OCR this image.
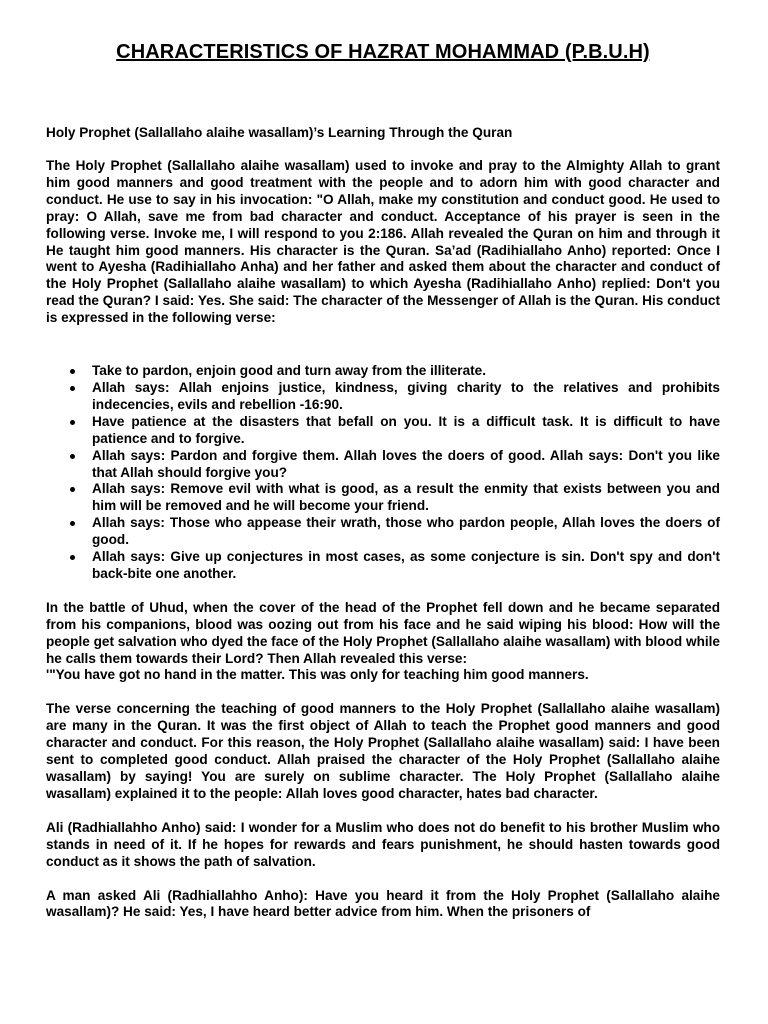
CHARACTERISTICS OF HAZRAT MOHAMMAD (P.B.U.H)

Holy Prophet (Sallallaho alaihe wasallam)’s Learning Through the Quran

The Holy Prophet (Sallallaho alaihe wasallam) used to invoke and pray to the Almighty Allah to grant him good manners and good treatment with the people and to adorn him with good character and conduct. He use to say in his invocation: "O Allah, make my constitution and conduct good. He used to pray: O Allah, save me from bad character and conduct. Acceptance of his prayer is seen in the following verse. Invoke me, I will respond to you 2:186. Allah revealed the Quran on him and through it He taught him good manners. His character is the Quran. Sa’ad (Radihiallaho Anho) reported: Once I went to Ayesha (Radihiallaho Anha) and her father and asked them about the character and conduct of the Holy Prophet (Sallallaho alaihe wasallam) to which Ayesha (Radihiallaho Anho) replied: Don't you read the Quran? I said: Yes. She said: The character of the Messenger of Allah is the Quran. His conduct is expressed in the following verse:

Take to pardon, enjoin good and turn away from the illiterate.
Allah says: Allah enjoins justice, kindness, giving charity to the relatives and prohibits indecencies, evils and rebellion -16:90.
Have patience at the disasters that befall on you. It is a difficult task. It is difficult to have patience and to forgive.
Allah says: Pardon and forgive them. Allah loves the doers of good. Allah says: Don't you like that Allah should forgive you?
Allah says: Remove evil with what is good, as a result the enmity that exists between you and him will be removed and he will become your friend.
Allah says: Those who appease their wrath, those who pardon people, Allah loves the doers of good.
Allah says: Give up conjectures in most cases, as some conjecture is sin. Don't spy and don't back-bite one another.

In the battle of Uhud, when the cover of the head of the Prophet fell down and he became separated from his companions, blood was oozing out from his face and he said wiping his blood: How will the people get salvation who dyed the face of the Holy Prophet (Sallallaho alaihe wasallam) with blood while he calls them towards their Lord? Then Allah revealed this verse:

'"You have got no hand in the matter. This was only for teaching him good manners.

The verse concerning the teaching of good manners to the Holy Prophet (Sallallaho alaihe wasallam) are many in the Quran. It was the first object of Allah to teach the Prophet good manners and good character and conduct. For this reason, the Holy Prophet (Sallallaho alaihe wasallam) said: I have been sent to completed good conduct. Allah praised the character of the Holy Prophet (Sallallaho alaihe wasallam) by saying! You are surely on sublime character. The Holy Prophet (Sallallaho alaihe wasallam) explained it to the people: Allah loves good character, hates bad character.

Ali (Radhiallahho Anho) said: I wonder for a Muslim who does not do benefit to his brother Muslim who stands in need of it. If he hopes for rewards and fears punishment, he should hasten towards good conduct as it shows the path of salvation.

A man asked Ali (Radhiallahho Anho): Have you heard it from the Holy Prophet (Sallallaho alaihe wasallam)? He said: Yes, I have heard better advice from him. When the prisoners of
